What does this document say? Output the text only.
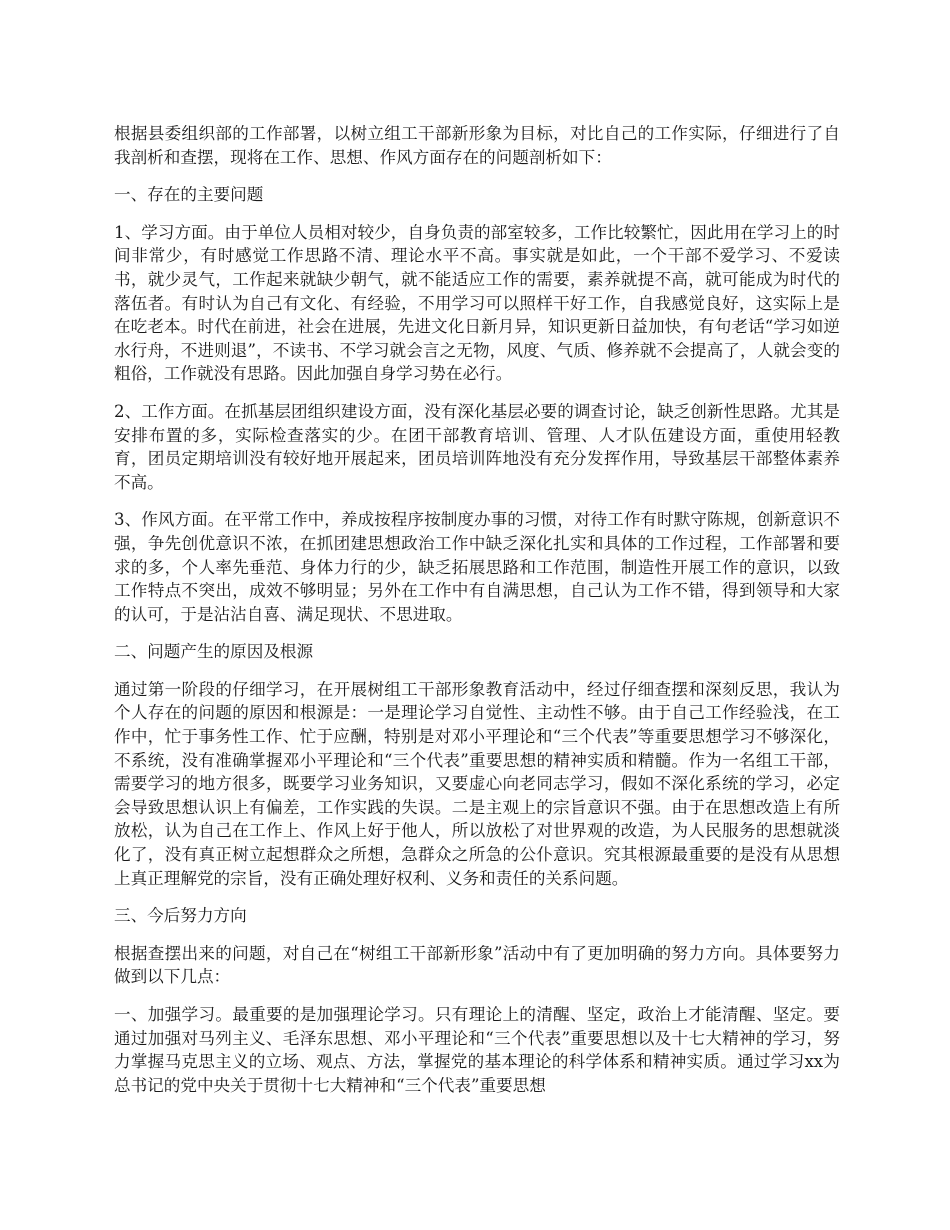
根据县委组织部的工作部署，以树立组工干部新形象为目标，对比自己的工作实际，仔细进行了自我剖析和查摆，现将在工作、思想、作风方面存在的问题剖析如下：

一、存在的主要问题

1、学习方面。由于单位人员相对较少，自身负责的部室较多，工作比较繁忙，因此用在学习上的时间非常少，有时感觉工作思路不清、理论水平不高。事实就是如此，一个干部不爱学习、不爱读书，就少灵气，工作起来就缺少朝气，就不能适应工作的需要，素养就提不高，就可能成为时代的落伍者。有时认为自己有文化、有经验，不用学习可以照样干好工作，自我感觉良好，这实际上是在吃老本。时代在前进，社会在进展，先进文化日新月异，知识更新日益加快，有句老话“学习如逆水行舟，不进则退”，不读书、不学习就会言之无物，风度、气质、修养就不会提高了，人就会变的粗俗，工作就没有思路。因此加强自身学习势在必行。

2、工作方面。在抓基层团组织建设方面，没有深化基层必要的调查讨论，缺乏创新性思路。尤其是安排布置的多，实际检查落实的少。在团干部教育培训、管理、人才队伍建设方面，重使用轻教育，团员定期培训没有较好地开展起来，团员培训阵地没有充分发挥作用，导致基层干部整体素养不高。

3、作风方面。在平常工作中，养成按程序按制度办事的习惯，对待工作有时默守陈规，创新意识不强，争先创优意识不浓，在抓团建思想政治工作中缺乏深化扎实和具体的工作过程，工作部署和要求的多，个人率先垂范、身体力行的少，缺乏拓展思路和工作范围，制造性开展工作的意识，以致工作特点不突出，成效不够明显；另外在工作中有自满思想，自己认为工作不错，得到领导和大家的认可，于是沾沾自喜、满足现状、不思进取。

二、问题产生的原因及根源

通过第一阶段的仔细学习，在开展树组工干部形象教育活动中，经过仔细查摆和深刻反思，我认为个人存在的问题的原因和根源是：一是理论学习自觉性、主动性不够。由于自己工作经验浅，在工作中，忙于事务性工作、忙于应酬，特别是对邓小平理论和“三个代表”等重要思想学习不够深化，不系统，没有准确掌握邓小平理论和“三个代表”重要思想的精神实质和精髓。作为一名组工干部，需要学习的地方很多，既要学习业务知识，又要虚心向老同志学习，假如不深化系统的学习，必定会导致思想认识上有偏差，工作实践的失误。二是主观上的宗旨意识不强。由于在思想改造上有所放松，认为自己在工作上、作风上好于他人，所以放松了对世界观的改造，为人民服务的思想就淡化了，没有真正树立起想群众之所想，急群众之所急的公仆意识。究其根源最重要的是没有从思想上真正理解党的宗旨，没有正确处理好权利、义务和责任的关系问题。

三、今后努力方向

根据查摆出来的问题，对自己在“树组工干部新形象”活动中有了更加明确的努力方向。具体要努力做到以下几点：

一、加强学习。最重要的是加强理论学习。只有理论上的清醒、坚定，政治上才能清醒、坚定。要通过加强对马列主义、毛泽东思想、邓小平理论和“三个代表”重要思想以及十七大精神的学习，努力掌握马克思主义的立场、观点、方法，掌握党的基本理论的科学体系和精神实质。通过学习xx为总书记的党中央关于贯彻十七大精神和“三个代表”重要思想
